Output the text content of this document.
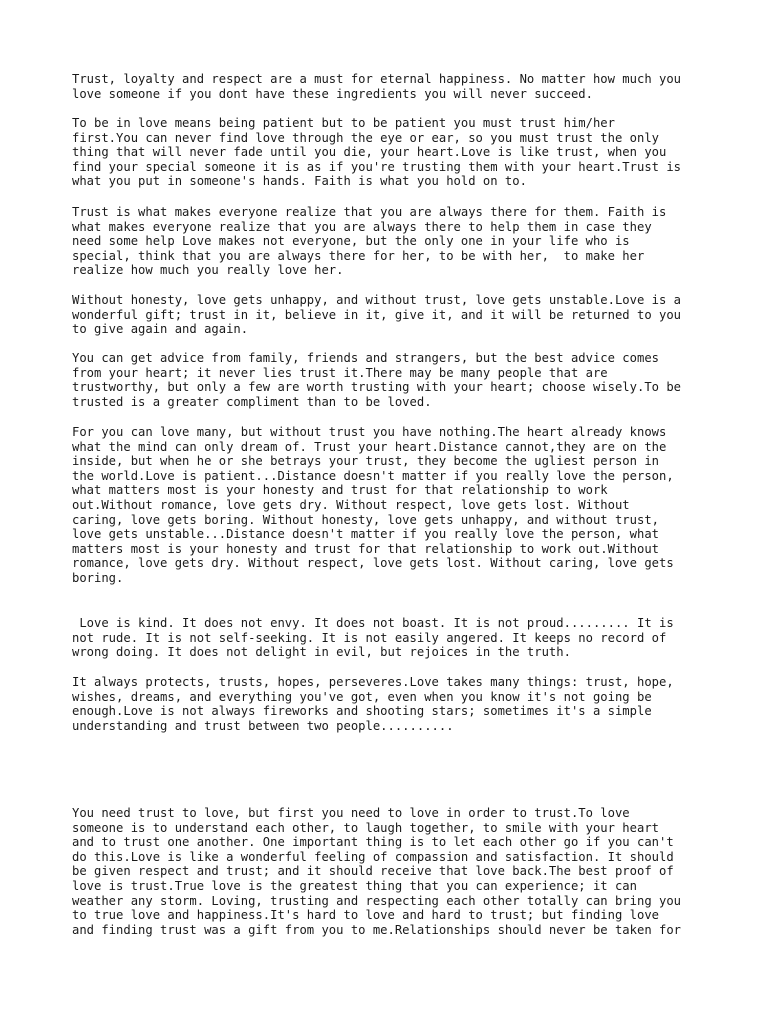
Trust, loyalty and respect are a must for eternal happiness. No matter how much you
love someone if you dont have these ingredients you will never succeed.

To be in love means being patient but to be patient you must trust him/her
first.You can never find love through the eye or ear, so you must trust the only
thing that will never fade until you die, your heart.Love is like trust, when you
find your special someone it is as if you're trusting them with your heart.Trust is
what you put in someone's hands. Faith is what you hold on to.

Trust is what makes everyone realize that you are always there for them. Faith is
what makes everyone realize that you are always there to help them in case they
need some help Love makes not everyone, but the only one in your life who is
special, think that you are always there for her, to be with her,  to make her
realize how much you really love her.

Without honesty, love gets unhappy, and without trust, love gets unstable.Love is a
wonderful gift; trust in it, believe in it, give it, and it will be returned to you
to give again and again.

You can get advice from family, friends and strangers, but the best advice comes
from your heart; it never lies trust it.There may be many people that are
trustworthy, but only a few are worth trusting with your heart; choose wisely.To be
trusted is a greater compliment than to be loved.

For you can love many, but without trust you have nothing.The heart already knows
what the mind can only dream of. Trust your heart.Distance cannot,they are on the
inside, but when he or she betrays your trust, they become the ugliest person in
the world.Love is patient...Distance doesn't matter if you really love the person,
what matters most is your honesty and trust for that relationship to work
out.Without romance, love gets dry. Without respect, love gets lost. Without
caring, love gets boring. Without honesty, love gets unhappy, and without trust,
love gets unstable...Distance doesn't matter if you really love the person, what
matters most is your honesty and trust for that relationship to work out.Without
romance, love gets dry. Without respect, love gets lost. Without caring, love gets
boring.

Love is kind. It does not envy. It does not boast. It is not proud......... It is
not rude. It is not self-seeking. It is not easily angered. It keeps no record of
wrong doing. It does not delight in evil, but rejoices in the truth.

It always protects, trusts, hopes, perseveres.Love takes many things: trust, hope,
wishes, dreams, and everything you've got, even when you know it's not going be
enough.Love is not always fireworks and shooting stars; sometimes it's a simple
understanding and trust between two people..........

You need trust to love, but first you need to love in order to trust.To love
someone is to understand each other, to laugh together, to smile with your heart
and to trust one another. One important thing is to let each other go if you can't
do this.Love is like a wonderful feeling of compassion and satisfaction. It should
be given respect and trust; and it should receive that love back.The best proof of
love is trust.True love is the greatest thing that you can experience; it can
weather any storm. Loving, trusting and respecting each other totally can bring you
to true love and happiness.It's hard to love and hard to trust; but finding love
and finding trust was a gift from you to me.Relationships should never be taken for
